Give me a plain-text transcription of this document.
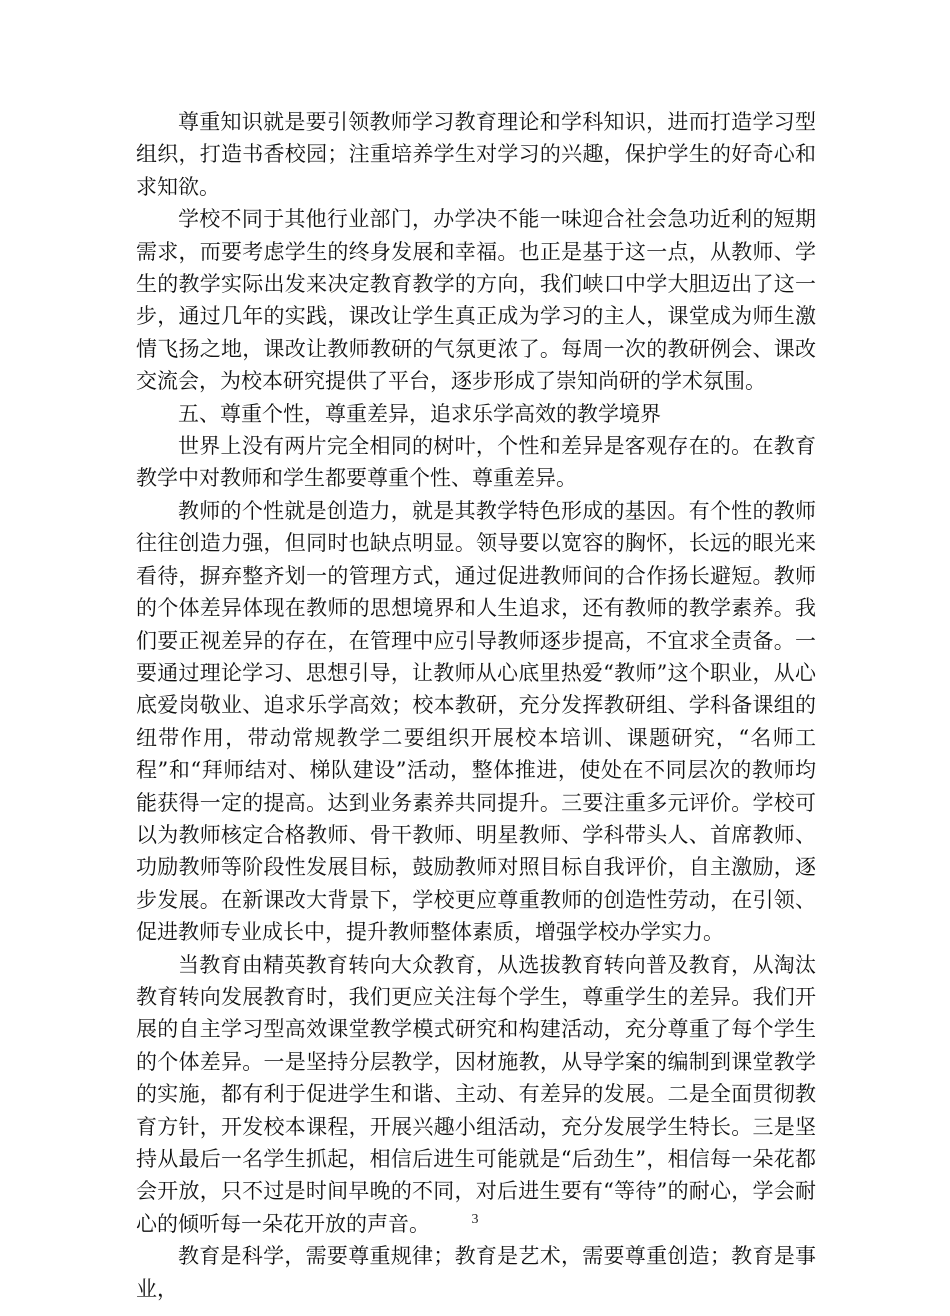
尊重知识就是要引领教师学习教育理论和学科知识，进而打造学习型组织，打造书香校园；注重培养学生对学习的兴趣，保护学生的好奇心和求知欲。

学校不同于其他行业部门，办学决不能一味迎合社会急功近利的短期需求，而要考虑学生的终身发展和幸福。也正是基于这一点，从教师、学生的教学实际出发来决定教育教学的方向，我们峡口中学大胆迈出了这一步，通过几年的实践，课改让学生真正成为学习的主人，课堂成为师生激情飞扬之地，课改让教师教研的气氛更浓了。每周一次的教研例会、课改交流会，为校本研究提供了平台，逐步形成了崇知尚研的学术氛围。

五、尊重个性，尊重差异，追求乐学高效的教学境界

世界上没有两片完全相同的树叶，个性和差异是客观存在的。在教育教学中对教师和学生都要尊重个性、尊重差异。

教师的个性就是创造力，就是其教学特色形成的基因。有个性的教师往往创造力强，但同时也缺点明显。领导要以宽容的胸怀，长远的眼光来看待，摒弃整齐划一的管理方式，通过促进教师间的合作扬长避短。教师的个体差异体现在教师的思想境界和人生追求，还有教师的教学素养。我们要正视差异的存在，在管理中应引导教师逐步提高，不宜求全责备。一要通过理论学习、思想引导，让教师从心底里热爱“教师”这个职业，从心底爱岗敬业、追求乐学高效；校本教研，充分发挥教研组、学科备课组的纽带作用，带动常规教学二要组织开展校本培训、课题研究，“名师工程”和“拜师结对、梯队建设”活动，整体推进，使处在不同层次的教师均能获得一定的提高。达到业务素养共同提升。三要注重多元评价。学校可以为教师核定合格教师、骨干教师、明星教师、学科带头人、首席教师、功励教师等阶段性发展目标，鼓励教师对照目标自我评价，自主激励，逐步发展。在新课改大背景下，学校更应尊重教师的创造性劳动，在引领、促进教师专业成长中，提升教师整体素质，增强学校办学实力。

当教育由精英教育转向大众教育，从选拔教育转向普及教育，从淘汰教育转向发展教育时，我们更应关注每个学生，尊重学生的差异。我们开展的自主学习型高效课堂教学模式研究和构建活动，充分尊重了每个学生的个体差异。一是坚持分层教学，因材施教，从导学案的编制到课堂教学的实施，都有利于促进学生和谐、主动、有差异的发展。二是全面贯彻教育方针，开发校本课程，开展兴趣小组活动，充分发展学生特长。三是坚持从最后一名学生抓起，相信后进生可能就是“后劲生”，相信每一朵花都会开放，只不过是时间早晚的不同，对后进生要有“等待”的耐心，学会耐心的倾听每一朵花开放的声音。

教育是科学，需要尊重规律；教育是艺术，需要尊重创造；教育是事业，

3
